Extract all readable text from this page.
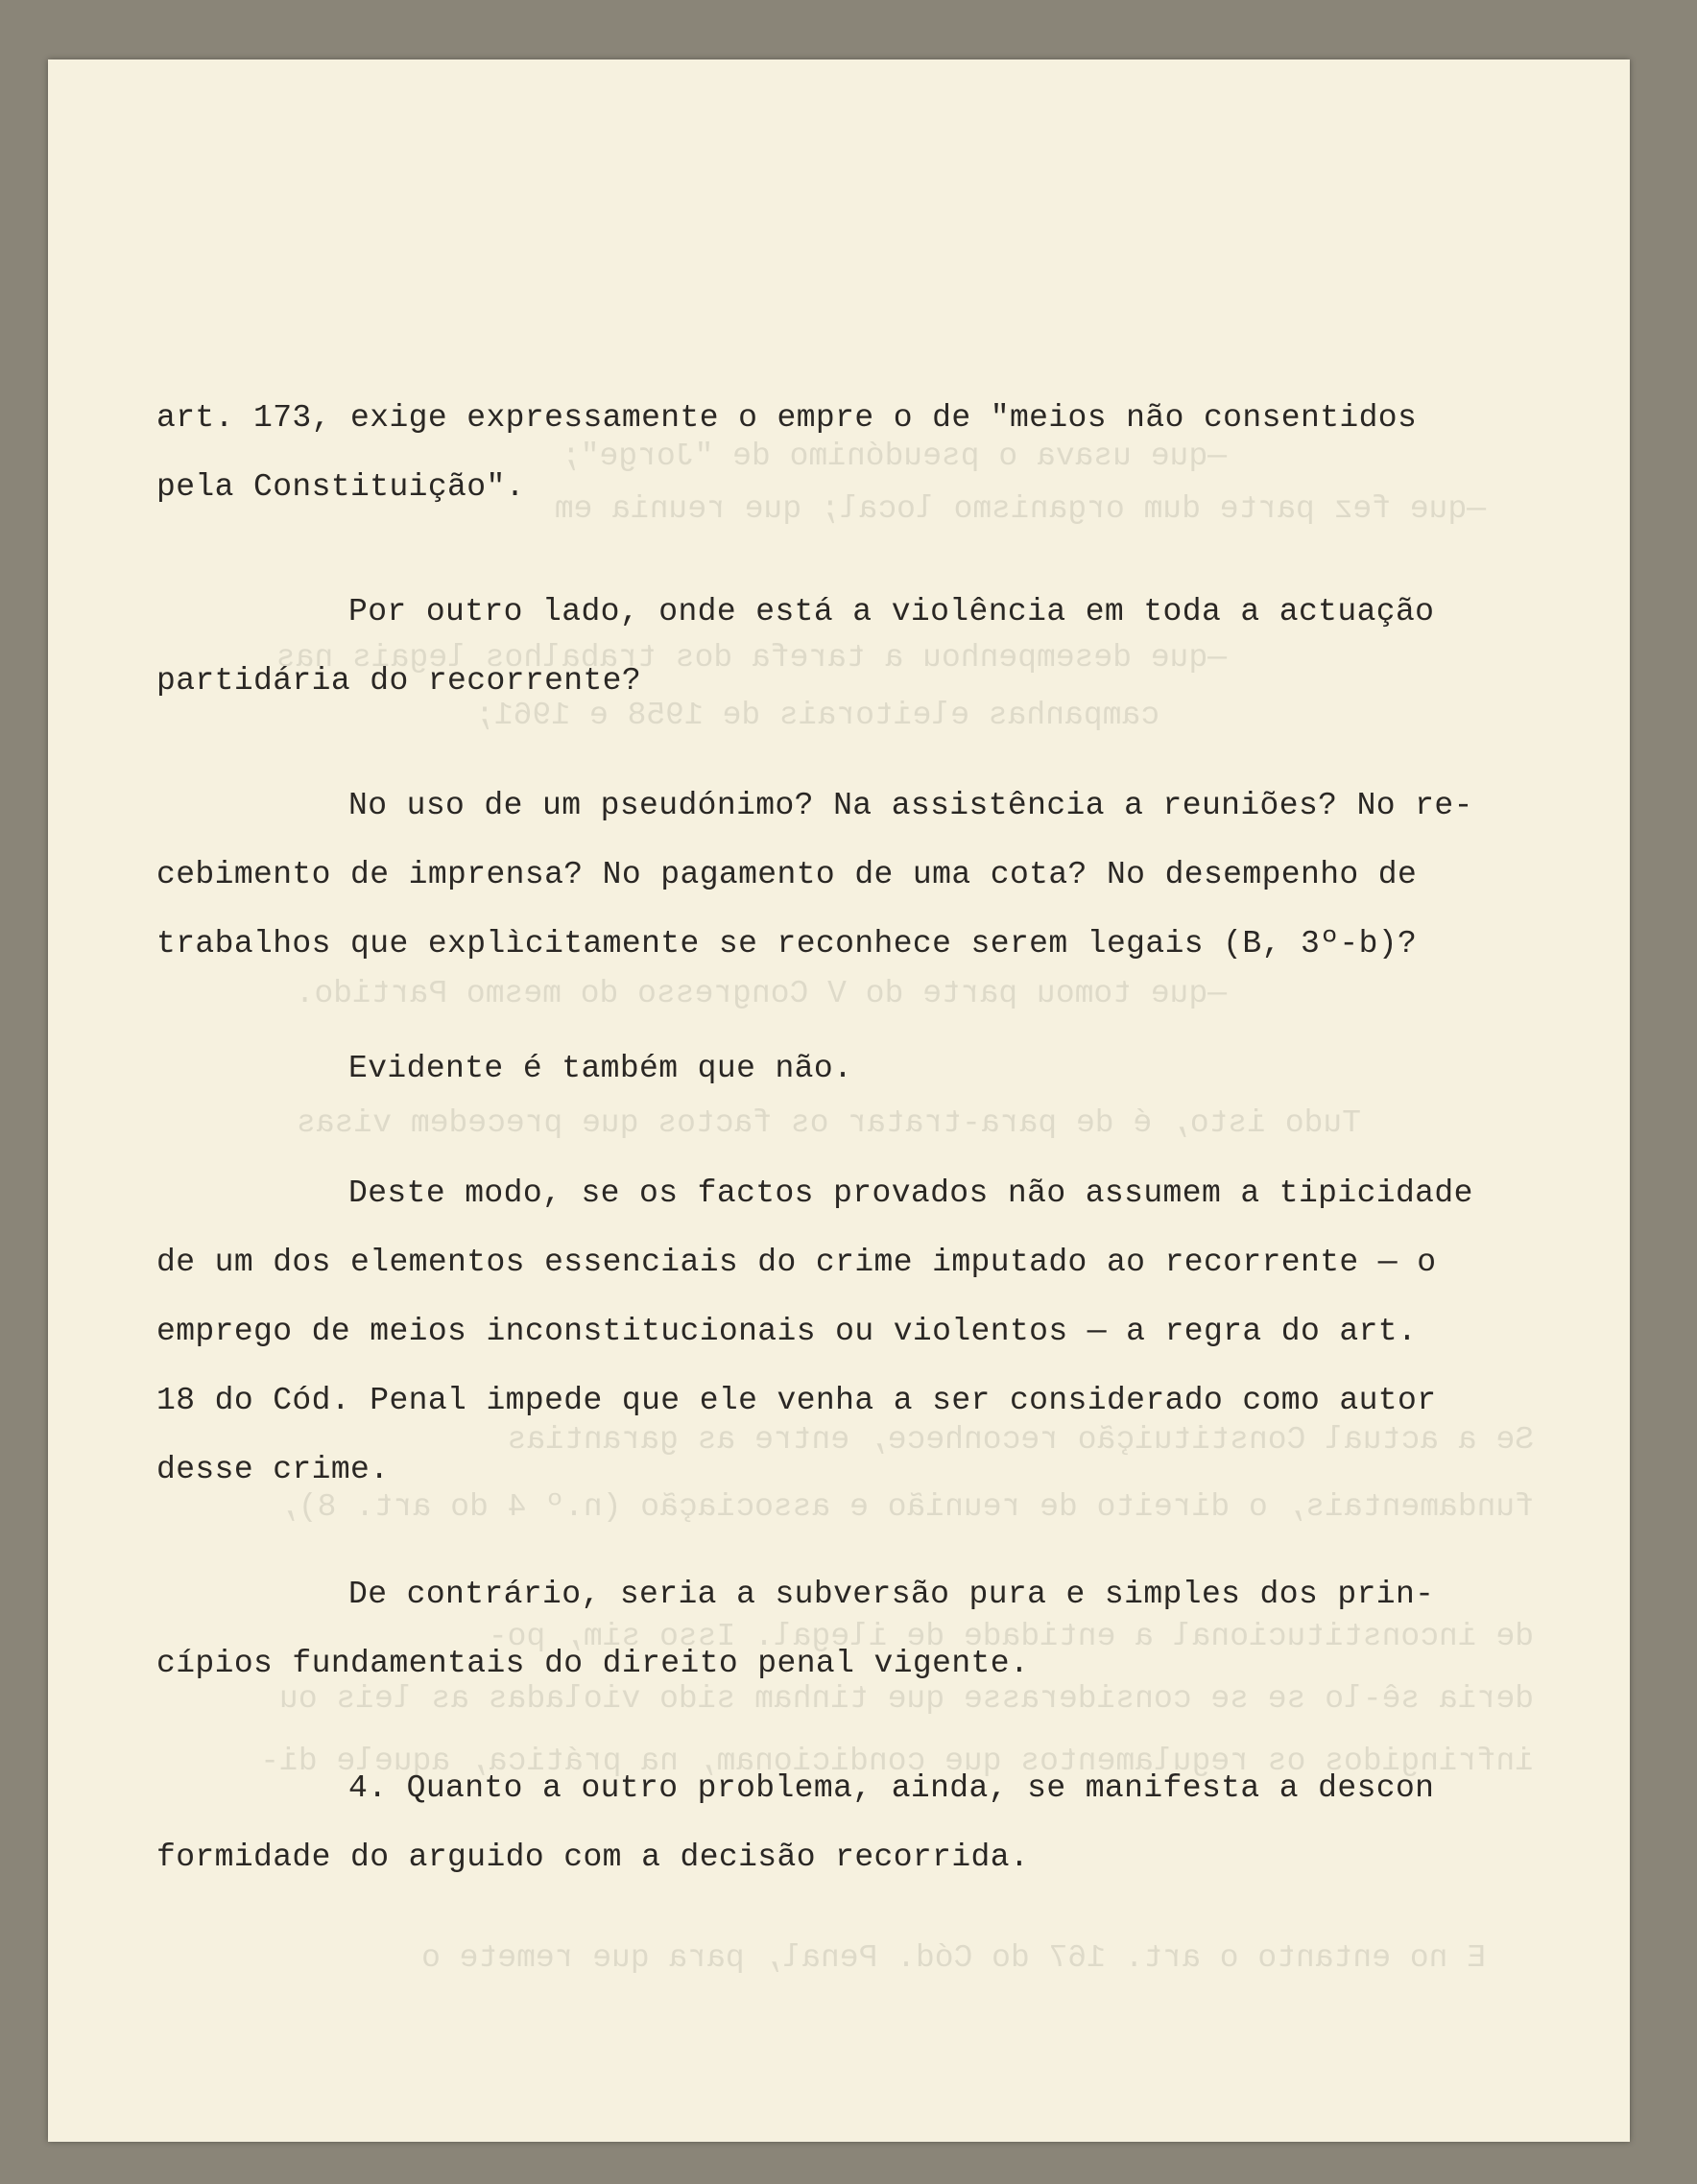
—que usava o pseudónimo de "Jorge";
—que fez parte dum organismo local; que reunia em
—que desempenhou a tarefa dos trabalhos legais nas
campanhas eleitorais de 1958 e 1961;
—que tomou parte do V Congresso do mesmo Partido.
Tudo isto, é de para-tratar os factos que precedem visas
Se a actual Constituição reconhece, entre as garantias
fundamentais, o direito de reunião e associação (n.º 4 do art. 8),
de inconstitucional a entidade de ilegal. Isso sim, po-
deria sê-lo se se considerasse que tinham sido violadas as leis ou
infringidos os regulamentos que condicionam, na prática, aquele di-
E no entanto o art. 167 do Cód. Penal, para que remete o
art. 173, exige expressamente o empre o de "meios não consentidos
pela Constituição".
Por outro lado, onde está a violência em toda a actuação
partidária do recorrente?
No uso de um pseudónimo? Na assistência a reuniões? No re-
cebimento de imprensa? No pagamento de uma cota? No desempenho de
trabalhos que explìcitamente se reconhece serem legais (B, 3º-b)?
Evidente é também que não.
Deste modo, se os factos provados não assumem a tipicidade
de um dos elementos essenciais do crime imputado ao recorrente — o
emprego de meios inconstitucionais ou violentos — a regra do art.
18 do Cód. Penal impede que ele venha a ser considerado como autor
desse crime.
De contrário, seria a subversão pura e simples dos prin-
cípios fundamentais do direito penal vigente.
4. Quanto a outro problema, ainda, se manifesta a descon
formidade do arguido com a decisão recorrida.
